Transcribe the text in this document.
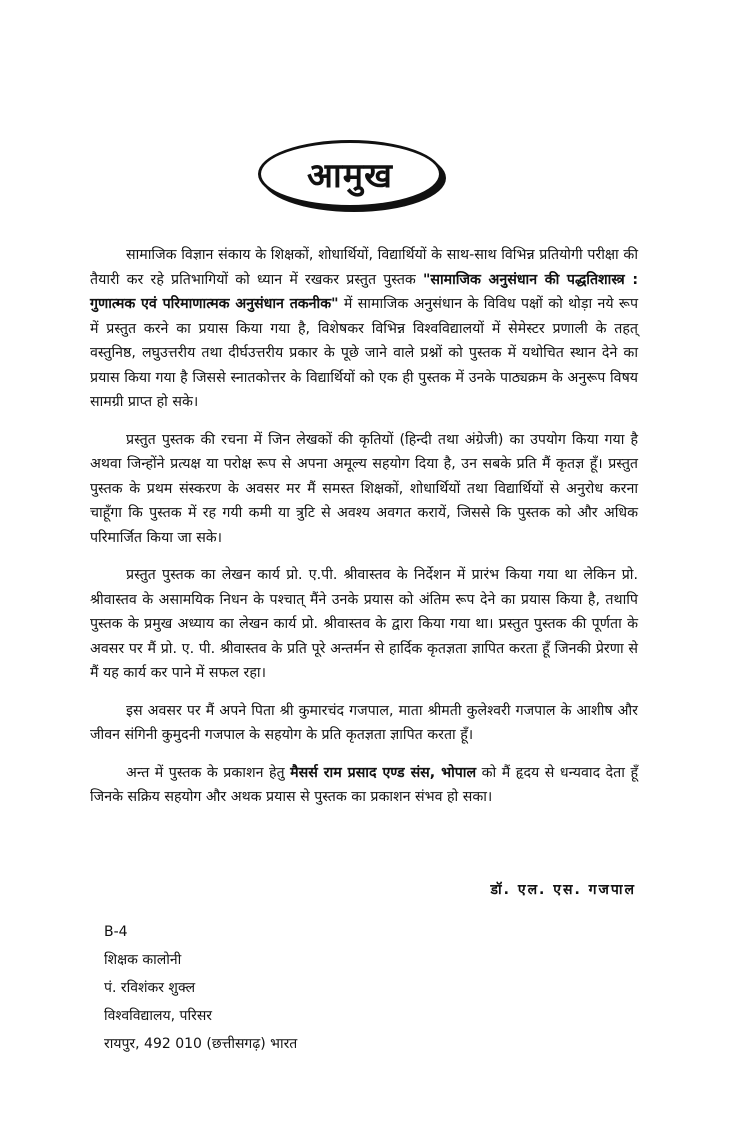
आमुख

सामाजिक विज्ञान संकाय के शिक्षकों, शोधार्थियों, विद्यार्थियों के साथ-साथ विभिन्न प्रतियोगी परीक्षा की तैयारी कर रहे प्रतिभागियों को ध्यान में रखकर प्रस्तुत पुस्तक "सामाजिक अनुसंधान की पद्धतिशास्त्र : गुणात्मक एवं परिमाणात्मक अनुसंधान तकनीक" में सामाजिक अनुसंधान के विविध पक्षों को थोड़ा नये रूप में प्रस्तुत करने का प्रयास किया गया है, विशेषकर विभिन्न विश्वविद्यालयों में सेमेस्टर प्रणाली के तहत् वस्तुनिष्ठ, लघुउत्तरीय तथा दीर्घउत्तरीय प्रकार के पूछे जाने वाले प्रश्नों को पुस्तक में यथोचित स्थान देने का प्रयास किया गया है जिससे स्नातकोत्तर के विद्यार्थियों को एक ही पुस्तक में उनके पाठ्यक्रम के अनुरूप विषय सामग्री प्राप्त हो सके।

प्रस्तुत पुस्तक की रचना में जिन लेखकों की कृतियों (हिन्दी तथा अंग्रेजी) का उपयोग किया गया है अथवा जिन्होंने प्रत्यक्ष या परोक्ष रूप से अपना अमूल्य सहयोग दिया है, उन सबके प्रति मैं कृतज्ञ हूँ। प्रस्तुत पुस्तक के प्रथम संस्करण के अवसर मर मैं समस्त शिक्षकों, शोधार्थियों तथा विद्यार्थियों से अनुरोध करना चाहूँगा कि पुस्तक में रह गयी कमी या त्रुटि से अवश्य अवगत करायें, जिससे कि पुस्तक को और अधिक परिमार्जित किया जा सके।

प्रस्तुत पुस्तक का लेखन कार्य प्रो. ए.पी. श्रीवास्तव के निर्देशन में प्रारंभ किया गया था लेकिन प्रो. श्रीवास्तव के असामयिक निधन के पश्चात् मैंने उनके प्रयास को अंतिम रूप देने का प्रयास किया है, तथापि पुस्तक के प्रमुख अध्याय का लेखन कार्य प्रो. श्रीवास्तव के द्वारा किया गया था। प्रस्तुत पुस्तक की पूर्णता के अवसर पर मैं प्रो. ए. पी. श्रीवास्तव के प्रति पूरे अन्तर्मन से हार्दिक कृतज्ञता ज्ञापित करता हूँ जिनकी प्रेरणा से मैं यह कार्य कर पाने में सफल रहा।

इस अवसर पर मैं अपने पिता श्री कुमारचंद गजपाल, माता श्रीमती कुलेश्वरी गजपाल के आशीष और जीवन संगिनी कुमुदनी गजपाल के सहयोग के प्रति कृतज्ञता ज्ञापित करता हूँ।

अन्त में पुस्तक के प्रकाशन हेतु मैसर्स राम प्रसाद एण्ड संस, भोपाल को मैं हृदय से धन्यवाद देता हूँ जिनके सक्रिय सहयोग और अथक प्रयास से पुस्तक का प्रकाशन संभव हो सका।

डॉ. एल. एस. गजपाल
B-4
शिक्षक कालोनी
पं. रविशंकर शुक्ल
विश्वविद्यालय, परिसर
रायपुर, 492 010 (छत्तीसगढ़) भारत
